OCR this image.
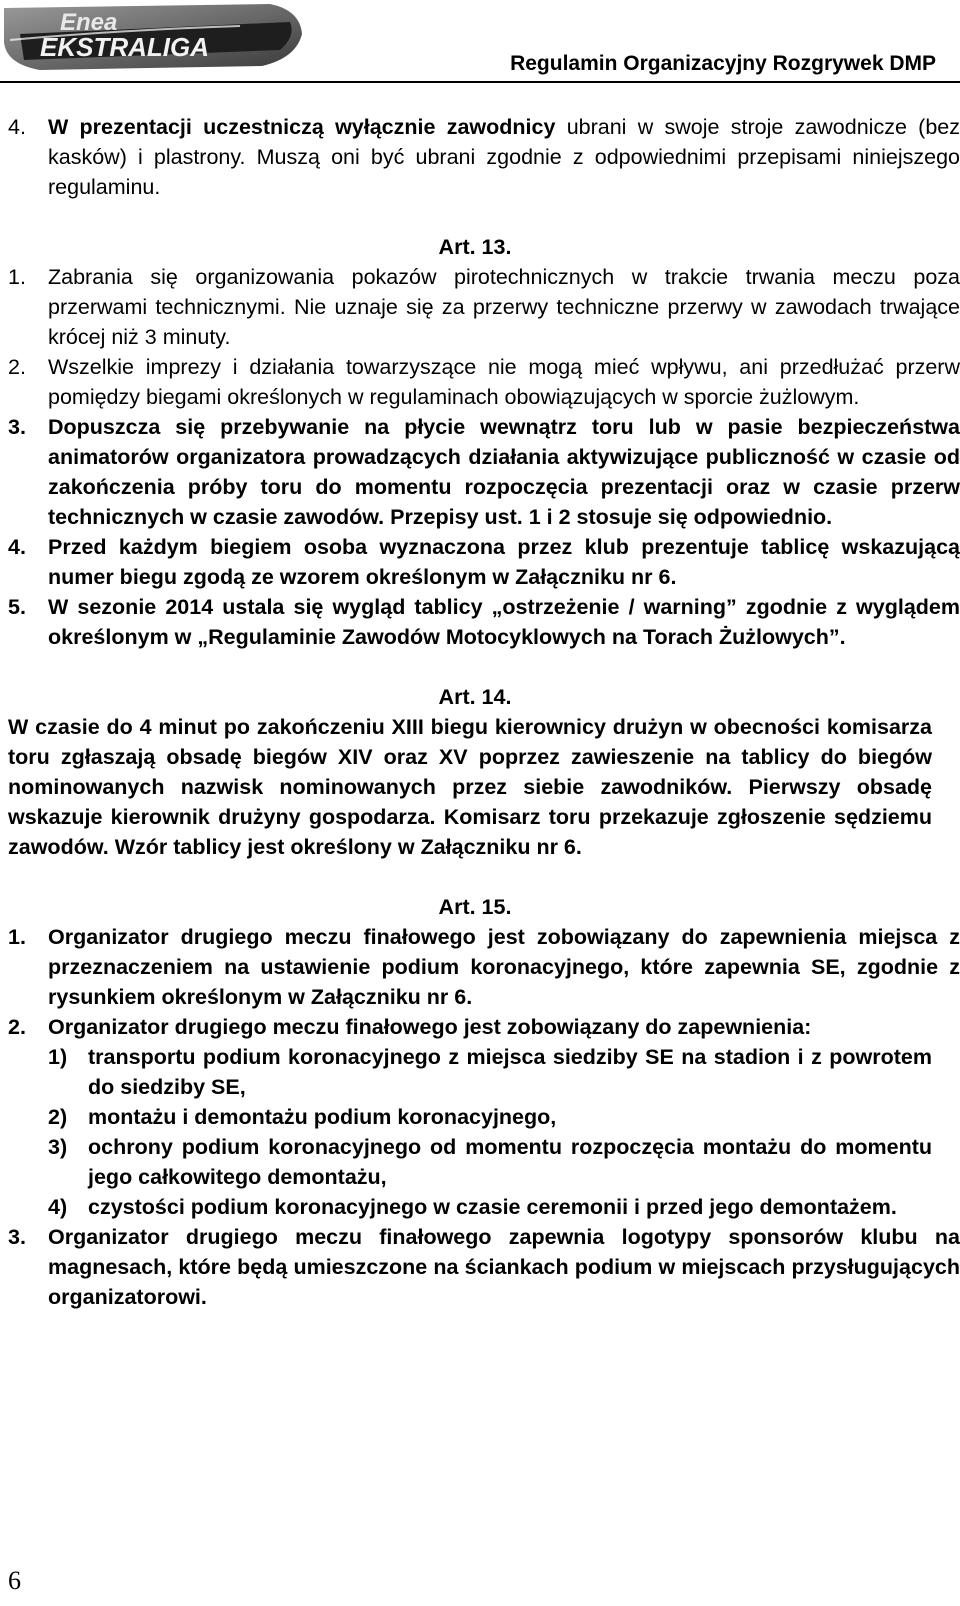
Enea
EKSTRALIGA
Regulamin Organizacyjny Rozgrywek DMP
4. W prezentacji uczestniczą wyłącznie zawodnicy ubrani w swoje stroje zawodnicze (bez kasków) i plastrony. Muszą oni być ubrani zgodnie z odpowiednimi przepisami niniejszego regulaminu.
Art. 13.
1. Zabrania się organizowania pokazów pirotechnicznych w trakcie trwania meczu poza przerwami technicznymi. Nie uznaje się za przerwy techniczne przerwy w zawodach trwające krócej niż 3 minuty.
2. Wszelkie imprezy i działania towarzyszące nie mogą mieć wpływu, ani przedłużać przerw pomiędzy biegami określonych w regulaminach obowiązujących w sporcie żużlowym.
3. Dopuszcza się przebywanie na płycie wewnątrz toru lub w pasie bezpieczeństwa animatorów organizatora prowadzących działania aktywizujące publiczność w czasie od zakończenia próby toru do momentu rozpoczęcia prezentacji oraz w czasie przerw technicznych w czasie zawodów. Przepisy ust. 1 i 2 stosuje się odpowiednio.
4. Przed każdym biegiem osoba wyznaczona przez klub prezentuje tablicę wskazującą numer biegu zgodą ze wzorem określonym w Załączniku nr 6.
5. W sezonie 2014 ustala się wygląd tablicy „ostrzeżenie / warning” zgodnie z wyglądem określonym w „Regulaminie Zawodów Motocyklowych na Torach Żużlowych”.
Art. 14.
W czasie do 4 minut po zakończeniu XIII biegu kierownicy drużyn w obecności komisarza toru zgłaszają obsadę biegów XIV oraz XV poprzez zawieszenie na tablicy do biegów nominowanych nazwisk nominowanych przez siebie zawodników. Pierwszy obsadę wskazuje kierownik drużyny gospodarza. Komisarz toru przekazuje zgłoszenie sędziemu zawodów. Wzór tablicy jest określony w Załączniku nr 6.
Art. 15.
1. Organizator drugiego meczu finałowego jest zobowiązany do zapewnienia miejsca z przeznaczeniem na ustawienie podium koronacyjnego, które zapewnia SE, zgodnie z rysunkiem określonym w Załączniku nr 6.
2. Organizator drugiego meczu finałowego jest zobowiązany do zapewnienia:
1) transportu podium koronacyjnego z miejsca siedziby SE na stadion i z powrotem do siedziby SE,
2) montażu i demontażu podium koronacyjnego,
3) ochrony podium koronacyjnego od momentu rozpoczęcia montażu do momentu jego całkowitego demontażu,
4) czystości podium koronacyjnego w czasie ceremonii i przed jego demontażem.
3. Organizator drugiego meczu finałowego zapewnia logotypy sponsorów klubu na magnesach, które będą umieszczone na ściankach podium w miejscach przysługujących organizatorowi.
6
